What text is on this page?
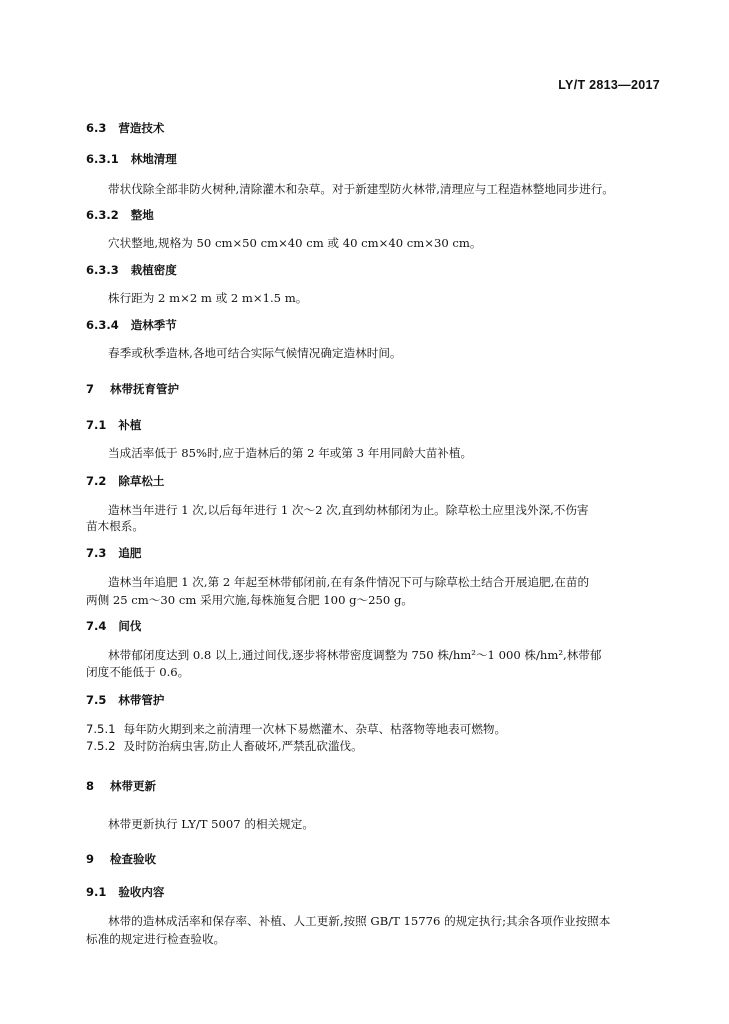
LY/T 2813—2017
6.3 营造技术
6.3.1 林地清理
带状伐除全部非防火树种,清除灌木和杂草。对于新建型防火林带,清理应与工程造林整地同步进行。
6.3.2 整地
穴状整地,规格为 50 cm×50 cm×40 cm 或 40 cm×40 cm×30 cm。
6.3.3 栽植密度
株行距为 2 m×2 m 或 2 m×1.5 m。
6.3.4 造林季节
春季或秋季造林,各地可结合实际气候情况确定造林时间。
7 林带抚育管护
7.1 补植
当成活率低于 85%时,应于造林后的第 2 年或第 3 年用同龄大苗补植。
7.2 除草松土
造林当年进行 1 次,以后每年进行 1 次～2 次,直到幼林郁闭为止。除草松土应里浅外深,不伤害
苗木根系。
7.3 追肥
造林当年追肥 1 次,第 2 年起至林带郁闭前,在有条件情况下可与除草松土结合开展追肥,在苗的
两侧 25 cm～30 cm 采用穴施,每株施复合肥 100 g～250 g。
7.4 间伐
林带郁闭度达到 0.8 以上,通过间伐,逐步将林带密度调整为 750 株/hm²～1 000 株/hm²,林带郁
闭度不能低于 0.6。
7.5 林带管护
7.5.1 每年防火期到来之前清理一次林下易燃灌木、杂草、枯落物等地表可燃物。
7.5.2 及时防治病虫害,防止人畜破坏,严禁乱砍滥伐。
8 林带更新
林带更新执行 LY/T 5007 的相关规定。
9 检查验收
9.1 验收内容
林带的造林成活率和保存率、补植、人工更新,按照 GB/T 15776 的规定执行;其余各项作业按照本
标准的规定进行检查验收。
